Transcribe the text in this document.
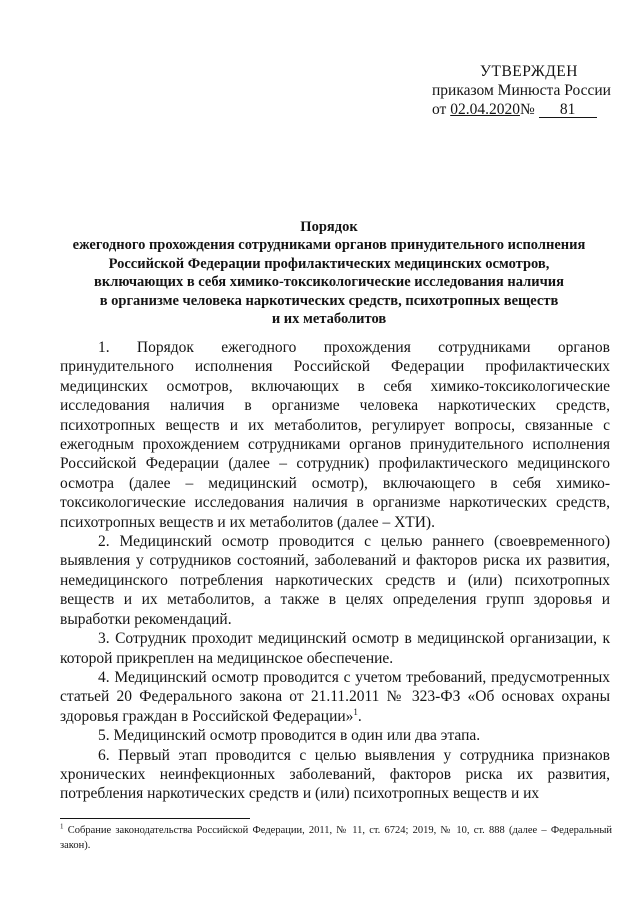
УТВЕРЖДЕН
приказом Минюста России
от 02.04.2020№ 81
Порядок
ежегодного прохождения сотрудниками органов принудительного исполнения
Российской Федерации профилактических медицинских осмотров,
включающих в себя химико-токсикологические исследования наличия
в организме человека наркотических средств, психотропных веществ
и их метаболитов

1. Порядок ежегодного прохождения сотрудниками органов принудительного исполнения Российской Федерации профилактических медицинских осмотров, включающих в себя химико-токсикологические исследования наличия в организме человека наркотических средств, психотропных веществ и их метаболитов, регулирует вопросы, связанные с ежегодным прохождением сотрудниками органов принудительного исполнения Российской Федерации (далее – сотрудник) профилактического медицинского осмотра (далее – медицинский осмотр), включающего в себя химико-токсикологические исследования наличия в организме наркотических средств, психотропных веществ и их метаболитов (далее – ХТИ).

2. Медицинский осмотр проводится с целью раннего (своевременного) выявления у сотрудников состояний, заболеваний и факторов риска их развития, немедицинского потребления наркотических средств и (или) психотропных веществ и их метаболитов, а также в целях определения групп здоровья и выработки рекомендаций.

3. Сотрудник проходит медицинский осмотр в медицинской организации, к которой прикреплен на медицинское обеспечение.

4. Медицинский осмотр проводится с учетом требований, предусмотренных статьей 20 Федерального закона от 21.11.2011 № 323-ФЗ «Об основах охраны здоровья граждан в Российской Федерации»$^1$.

5. Медицинский осмотр проводится в один или два этапа.

6. Первый этап проводится с целью выявления у сотрудника признаков хронических неинфекционных заболеваний, факторов риска их развития, потребления наркотических средств и (или) психотропных веществ и их

$^1$ Собрание законодательства Российской Федерации, 2011, № 11, ст. 6724; 2019, № 10, ст. 888 (далее – Федеральный закон).
